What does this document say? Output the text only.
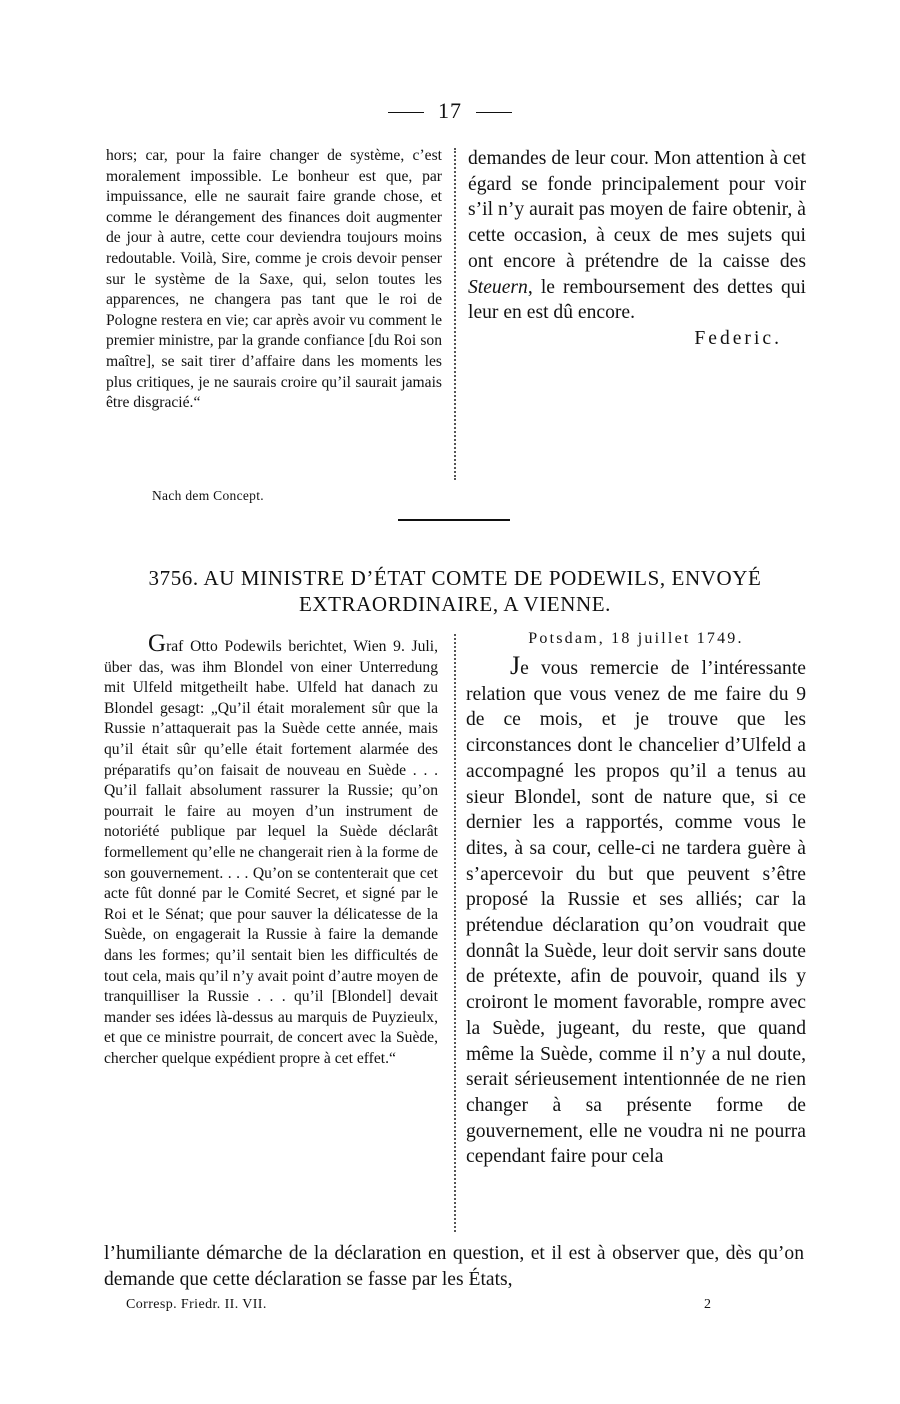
17

hors; car, pour la faire changer de système, c’est moralement impossible. Le bonheur est que, par impuissance, elle ne saurait faire grande chose, et comme le dérangement des finances doit augmenter de jour à autre, cette cour deviendra toujours moins redoutable. Voilà, Sire, comme je crois devoir penser sur le système de la Saxe, qui, selon toutes les apparences, ne changera pas tant que le roi de Pologne restera en vie; car après avoir vu comment le premier ministre, par la grande confiance [du Roi son maître], se sait tirer d’affaire dans les moments les plus critiques, je ne saurais croire qu’il saurait jamais être disgracié.“

demandes de leur cour. Mon attention à cet égard se fonde principalement pour voir s’il n’y aurait pas moyen de faire obtenir, à cette occasion, à ceux de mes sujets qui ont encore à prétendre de la caisse des Steuern, le remboursement des dettes qui leur en est dû encore.

Federic.

Nach dem Concept.
3756. AU MINISTRE D’ÉTAT COMTE DE PODEWILS, ENVOYÉ EXTRAORDINAIRE, A VIENNE.

Graf Otto Podewils berichtet, Wien 9. Juli, über das, was ihm Blondel von einer Unterredung mit Ulfeld mitgetheilt habe. Ulfeld hat danach zu Blondel gesagt: „Qu’il était moralement sûr que la Russie n’attaquerait pas la Suède cette année, mais qu’il était sûr qu’elle était fortement alarmée des préparatifs qu’on faisait de nouveau en Suède . . . Qu’il fallait absolument rassurer la Russie; qu’on pourrait le faire au moyen d’un instrument de notoriété publique par lequel la Suède déclarât formellement qu’elle ne changerait rien à la forme de son gouvernement. . . . Qu’on se contenterait que cet acte fût donné par le Comité Secret, et signé par le Roi et le Sénat; que pour sauver la délicatesse de la Suède, on engagerait la Russie à faire la demande dans les formes; qu’il sentait bien les difficultés de tout cela, mais qu’il n’y avait point d’autre moyen de tranquilliser la Russie . . . qu’il [Blondel] devait mander ses idées là-dessus au marquis de Puyzieulx, et que ce ministre pourrait, de concert avec la Suède, chercher quelque expédient propre à cet effet.“

Potsdam, 18 juillet 1749.

Je vous remercie de l’intéressante relation que vous venez de me faire du 9 de ce mois, et je trouve que les circonstances dont le chancelier d’Ulfeld a accompagné les propos qu’il a tenus au sieur Blondel, sont de nature que, si ce dernier les a rapportés, comme vous le dites, à sa cour, celle-ci ne tardera guère à s’apercevoir du but que peuvent s’être proposé la Russie et ses alliés; car la prétendue déclaration qu’on voudrait que donnât la Suède, leur doit servir sans doute de prétexte, afin de pouvoir, quand ils y croiront le moment favorable, rompre avec la Suède, jugeant, du reste, que quand même la Suède, comme il n’y a nul doute, serait sérieusement intentionnée de ne rien changer à sa présente forme de gouvernement, elle ne voudra ni ne pourra cependant faire pour cela

l’humiliante démarche de la déclaration en question, et il est à observer que, dès qu’on demande que cette déclaration se fasse par les États,
Corresp. Friedr. II. VII.	2
